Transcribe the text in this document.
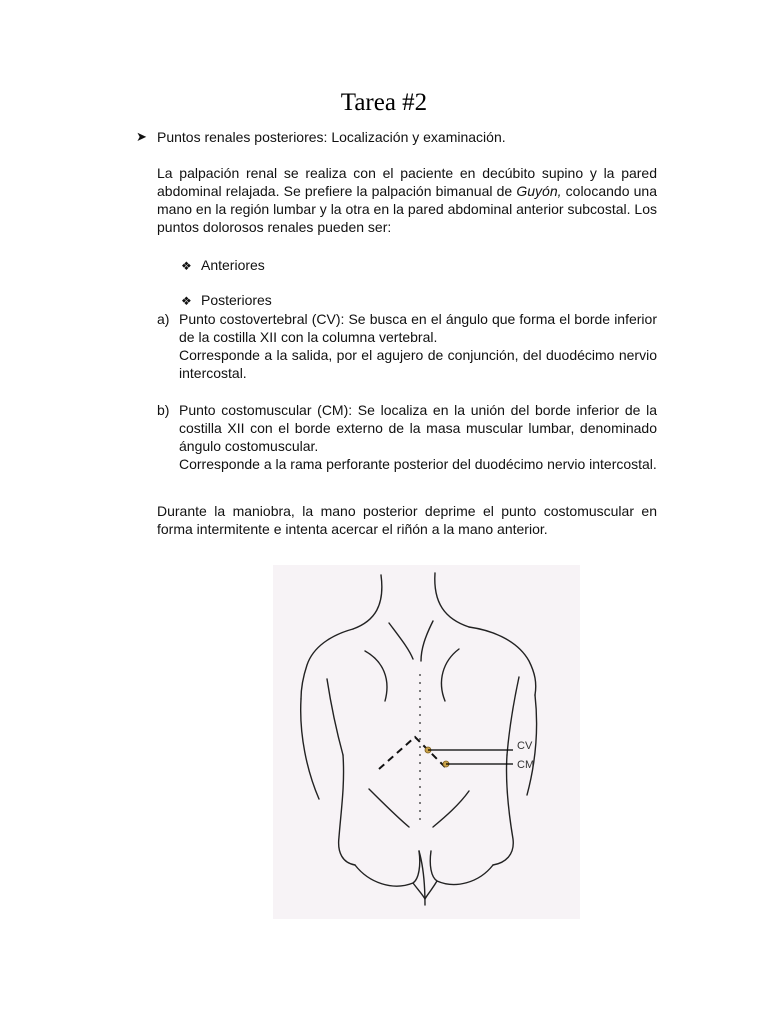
Tarea #2
➤ Puntos renales posteriores: Localización y examinación.

La palpación renal se realiza con el paciente en decúbito supino y la pared abdominal relajada. Se prefiere la palpación bimanual de Guyón, colocando una mano en la región lumbar y la otra en la pared abdominal anterior subcostal. Los puntos dolorosos renales pueden ser:

❖ Anteriores
❖ Posteriores
a) Punto costovertebral (CV): Se busca en el ángulo que forma el borde inferior de la costilla XII con la columna vertebral.
Corresponde a la salida, por el agujero de conjunción, del duodécimo nervio intercostal.
b) Punto costomuscular (CM): Se localiza en la unión del borde inferior de la costilla XII con el borde externo de la masa muscular lumbar, denominado ángulo costomuscular.
Corresponde a la rama perforante posterior del duodécimo nervio intercostal.

Durante la maniobra, la mano posterior deprime el punto costomuscular en forma intermitente e intenta acercar el riñón a la mano anterior.

CV
CM
